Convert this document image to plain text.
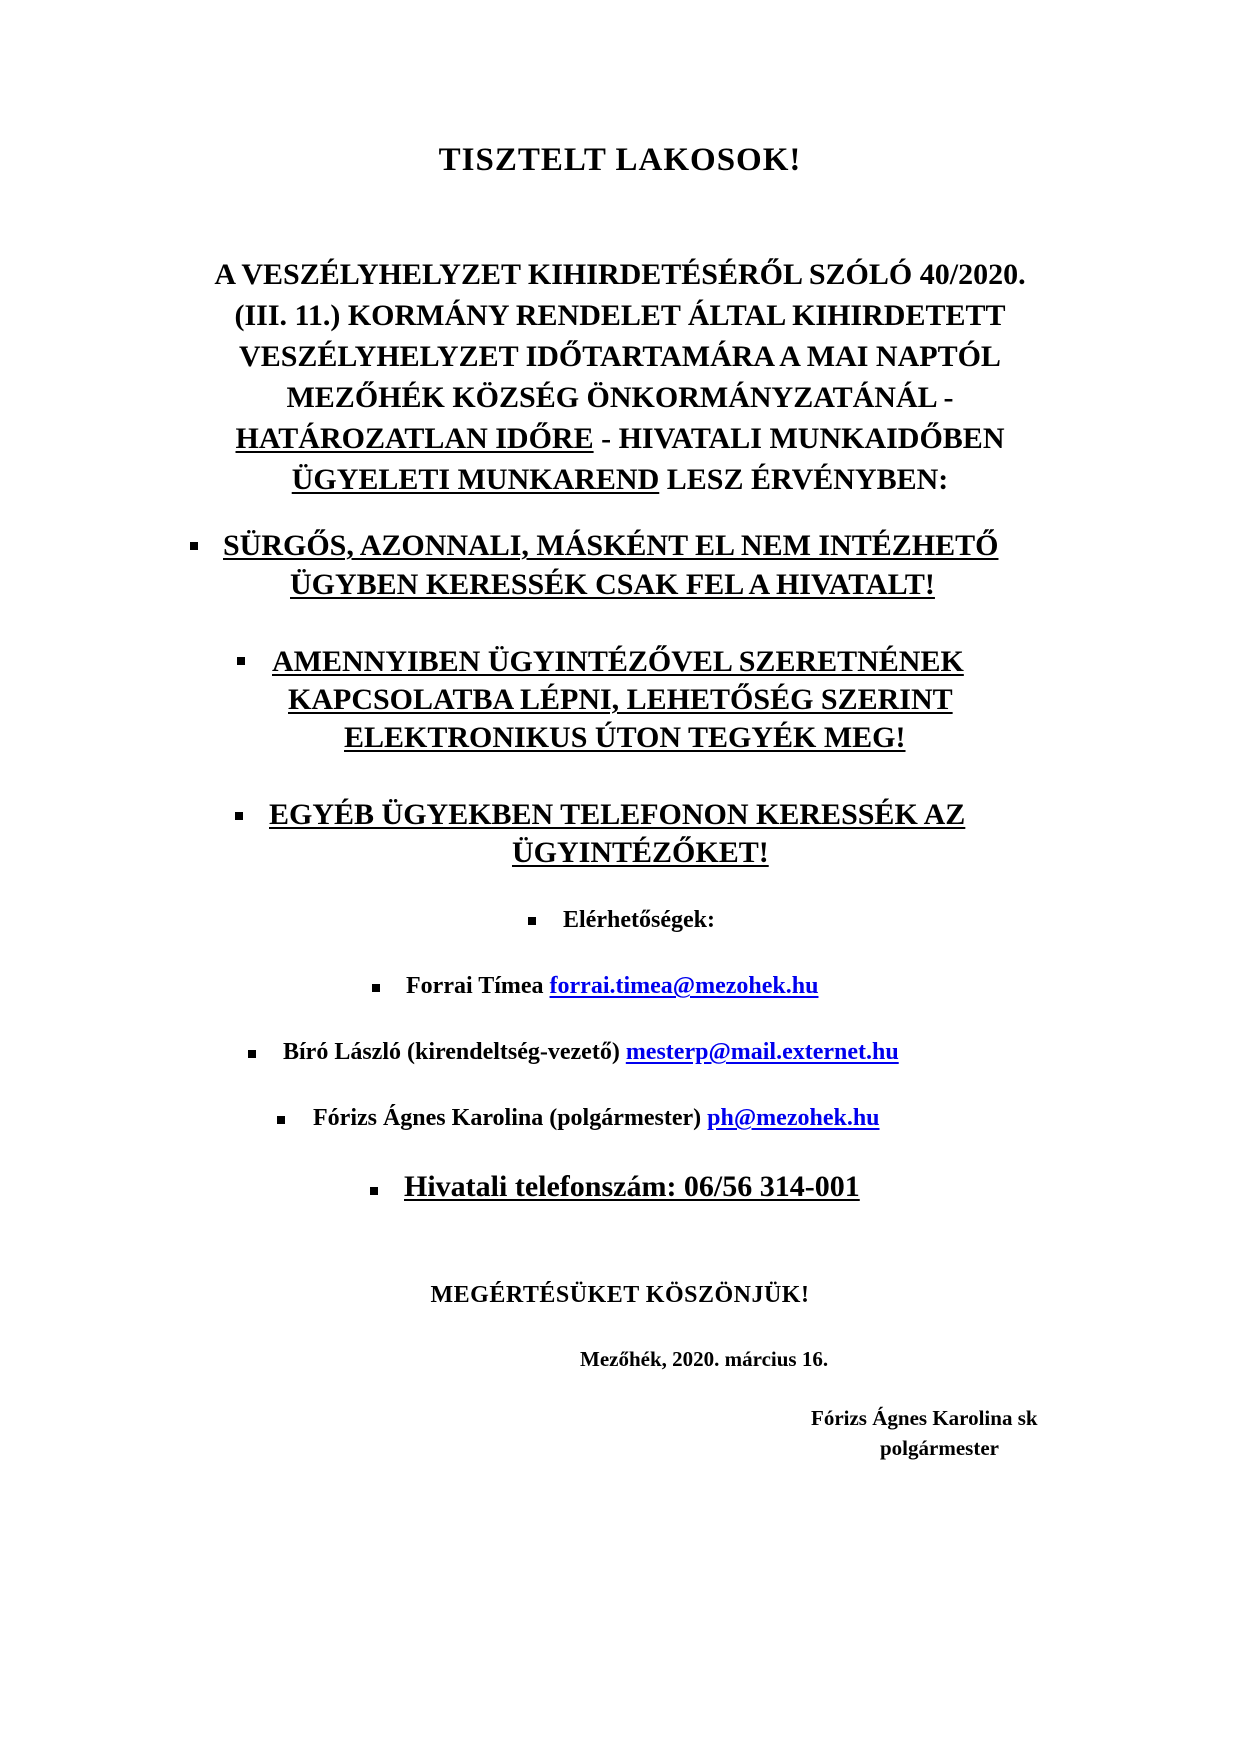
TISZTELT LAKOSOK!
A VESZÉLYHELYZET KIHIRDETÉSÉRŐL SZÓLÓ 40/2020.
(III. 11.) KORMÁNY RENDELET ÁLTAL KIHIRDETETT
VESZÉLYHELYZET IDŐTARTAMÁRA A MAI NAPTÓL
MEZŐHÉK KÖZSÉG ÖNKORMÁNYZATÁNÁL -
HATÁROZATLAN IDŐRE - HIVATALI MUNKAIDŐBEN
ÜGYELETI MUNKAREND LESZ ÉRVÉNYBEN:
SÜRGŐS, AZONNALI, MÁSKÉNT EL NEM INTÉZHETŐ
ÜGYBEN KERESSÉK CSAK FEL A HIVATALT!
AMENNYIBEN ÜGYINTÉZŐVEL SZERETNÉNEK
KAPCSOLATBA LÉPNI, LEHETŐSÉG SZERINT
ELEKTRONIKUS ÚTON TEGYÉK MEG!
EGYÉB ÜGYEKBEN TELEFONON KERESSÉK AZ
ÜGYINTÉZŐKET!
Elérhetőségek:
Forrai Tímea forrai.timea@mezohek.hu
Bíró László (kirendeltség-vezető) mesterp@mail.externet.hu
Fórizs Ágnes Karolina (polgármester) ph@mezohek.hu
Hivatali telefonszám: 06/56 314-001
MEGÉRTÉSÜKET KÖSZÖNJÜK!
Mezőhék, 2020. március 16.
Fórizs Ágnes Karolina sk
polgármester
